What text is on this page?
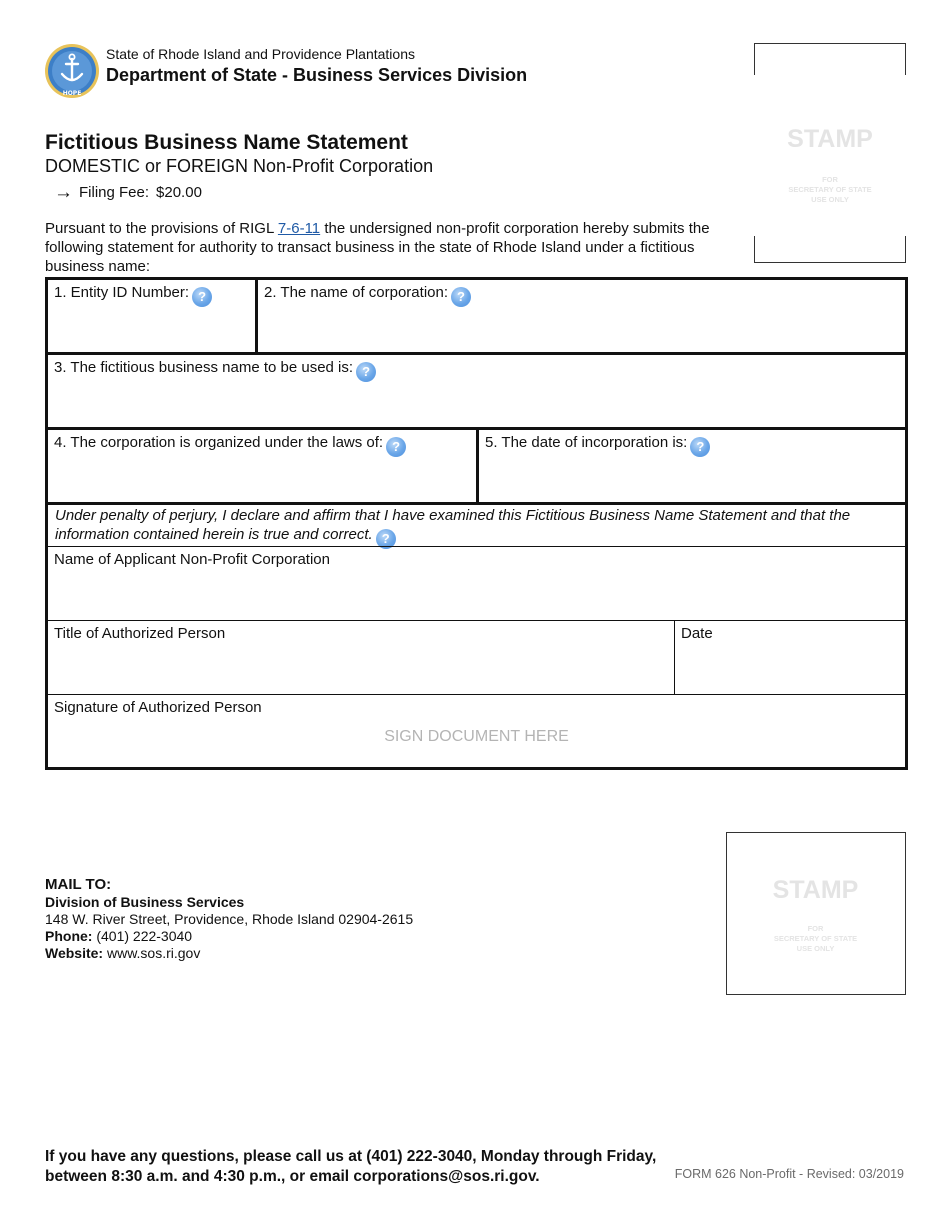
HOPE
State of Rhode Island and Providence Plantations
Department of State - Business Services Division
STAMP
FOR
SECRETARY OF STATE
USE ONLY
Fictitious Business Name Statement
DOMESTIC or FOREIGN Non-Profit Corporation
→ Filing Fee: $20.00
Pursuant to the provisions of RIGL 7-6-11 the undersigned non-profit corporation hereby submits the following statement for authority to transact business in the state of Rhode Island under a fictitious business name:
1. Entity ID Number: ?	2. The name of corporation: ?
3. The fictitious business name to be used is: ?
4. The corporation is organized under the laws of: ?	5. The date of incorporation is: ?
Under penalty of perjury, I declare and affirm that I have examined this Fictitious Business Name Statement and that the information contained herein is true and correct. ?
Name of Applicant Non-Profit Corporation
Title of Authorized Person	Date
Signature of Authorized Person
SIGN DOCUMENT HERE
STAMP
FOR
SECRETARY OF STATE
USE ONLY
MAIL TO:
Division of Business Services
148 W. River Street, Providence, Rhode Island 02904-2615
Phone: (401) 222-3040
Website: www.sos.ri.gov
If you have any questions, please call us at (401) 222-3040, Monday through Friday, between 8:30 a.m. and 4:30 p.m., or email corporations@sos.ri.gov.	FORM 626 Non-Profit - Revised: 03/2019
